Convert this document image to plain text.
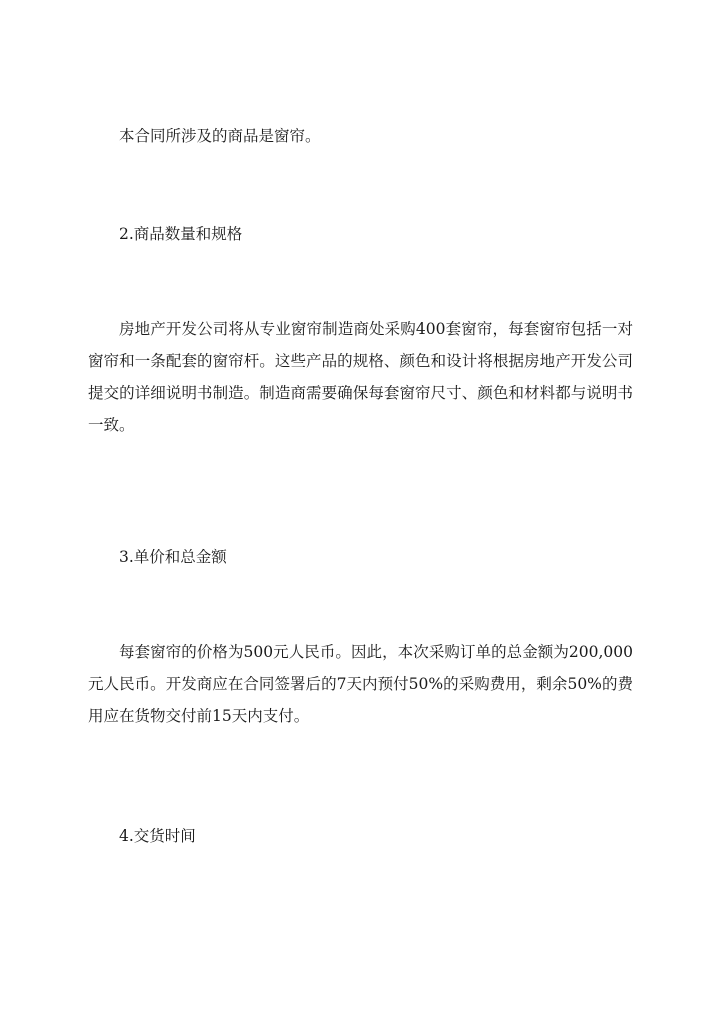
本合同所涉及的商品是窗帘。

2.商品数量和规格

房地产开发公司将从专业窗帘制造商处采购400套窗帘，每套窗帘包括一对窗帘和一条配套的窗帘杆。这些产品的规格、颜色和设计将根据房地产开发公司提交的详细说明书制造。制造商需要确保每套窗帘尺寸、颜色和材料都与说明书一致。

3.单价和总金额

每套窗帘的价格为500元人民币。因此，本次采购订单的总金额为200,000元人民币。开发商应在合同签署后的7天内预付50%的采购费用，剩余50%的费用应在货物交付前15天内支付。

4.交货时间
